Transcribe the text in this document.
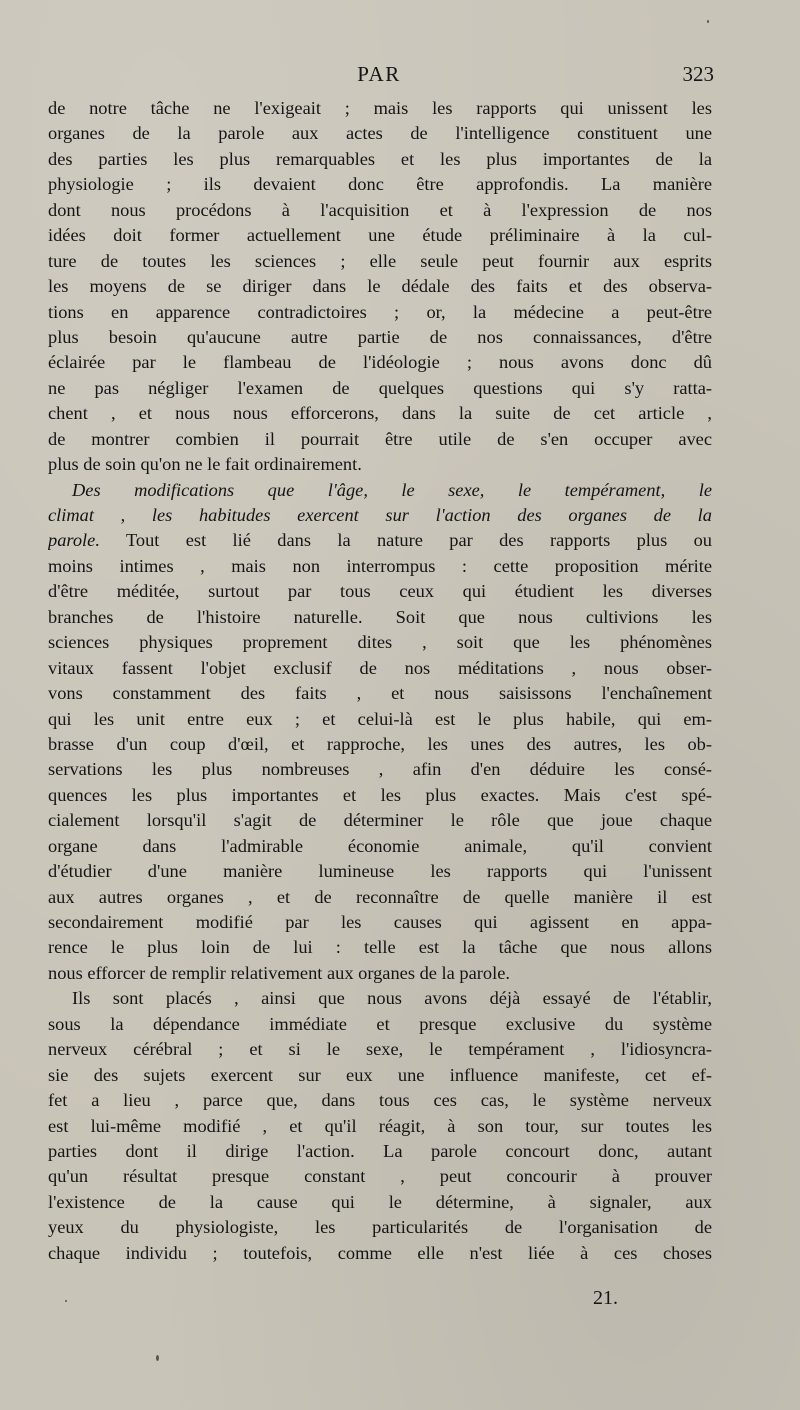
PAR	323
de notre tâche ne l'exigeait ; mais les rapports qui unissent les
organes de la parole aux actes de l'intelligence constituent une
des parties les plus remarquables et les plus importantes de la
physiologie ; ils devaient donc être approfondis. La manière
dont nous procédons à l'acquisition et à l'expression de nos
idées doit former actuellement une étude préliminaire à la cul-
ture de toutes les sciences ; elle seule peut fournir aux esprits
les moyens de se diriger dans le dédale des faits et des observa-
tions en apparence contradictoires ; or, la médecine a peut-être
plus besoin qu'aucune autre partie de nos connaissances, d'être
éclairée par le flambeau de l'idéologie ; nous avons donc dû
ne pas négliger l'examen de quelques questions qui s'y ratta-
chent , et nous nous efforcerons, dans la suite de cet article ,
de montrer combien il pourrait être utile de s'en occuper avec
plus de soin qu'on ne le fait ordinairement.
Des modifications que l'âge, le sexe, le tempérament, le
climat , les habitudes exercent sur l'action des organes de la
parole. Tout est lié dans la nature par des rapports plus ou
moins intimes , mais non interrompus : cette proposition mérite
d'être méditée, surtout par tous ceux qui étudient les diverses
branches de l'histoire naturelle. Soit que nous cultivions les
sciences physiques proprement dites , soit que les phénomènes
vitaux fassent l'objet exclusif de nos méditations , nous obser-
vons constamment des faits , et nous saisissons l'enchaînement
qui les unit entre eux ; et celui-là est le plus habile, qui em-
brasse d'un coup d'œil, et rapproche, les unes des autres, les ob-
servations les plus nombreuses , afin d'en déduire les consé-
quences les plus importantes et les plus exactes. Mais c'est spé-
cialement lorsqu'il s'agit de déterminer le rôle que joue chaque
organe dans l'admirable économie animale, qu'il convient
d'étudier d'une manière lumineuse les rapports qui l'unissent
aux autres organes , et de reconnaître de quelle manière il est
secondairement modifié par les causes qui agissent en appa-
rence le plus loin de lui : telle est la tâche que nous allons
nous efforcer de remplir relativement aux organes de la parole.
Ils sont placés , ainsi que nous avons déjà essayé de l'établir,
sous la dépendance immédiate et presque exclusive du système
nerveux cérébral ; et si le sexe, le tempérament , l'idiosyncra-
sie des sujets exercent sur eux une influence manifeste, cet ef-
fet a lieu , parce que, dans tous ces cas, le système nerveux
est lui-même modifié , et qu'il réagit, à son tour, sur toutes les
parties dont il dirige l'action. La parole concourt donc, autant
qu'un résultat presque constant , peut concourir à prouver
l'existence de la cause qui le détermine, à signaler, aux
yeux du physiologiste, les particularités de l'organisation de
chaque individu ; toutefois, comme elle n'est liée à ces choses
21.
